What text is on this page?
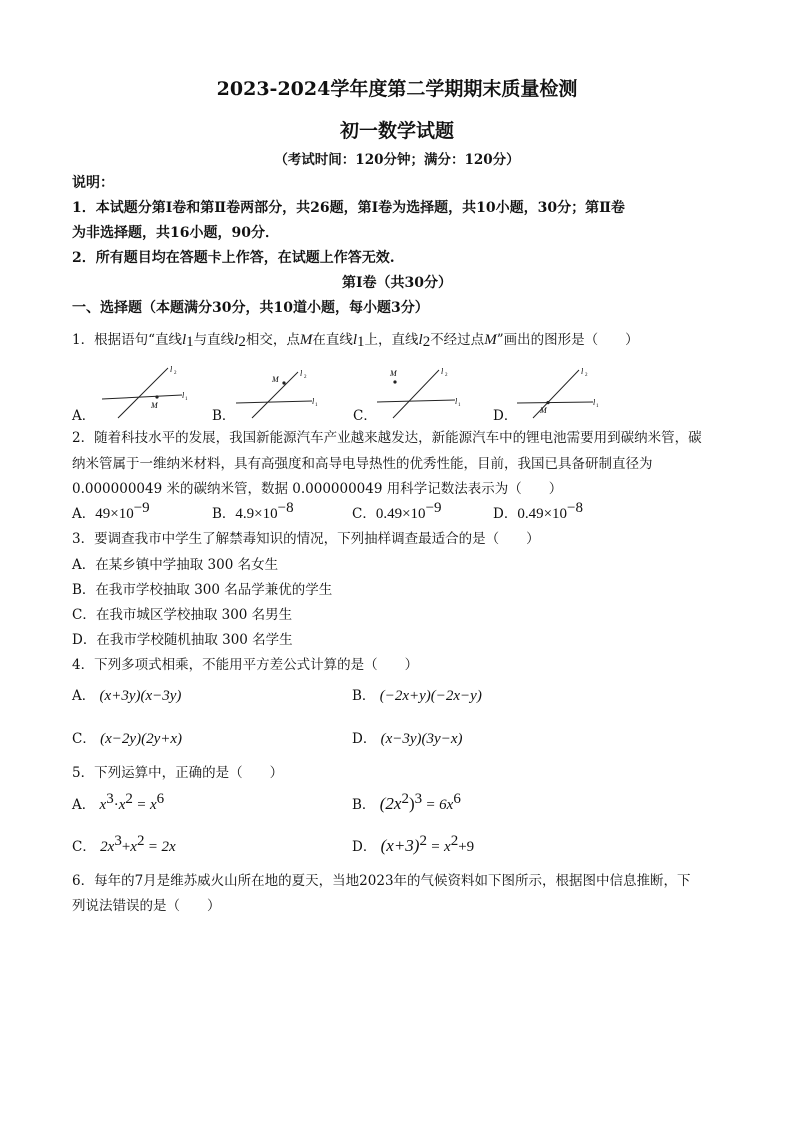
2023-2024学年度第二学期期末质量检测
初一数学试题
（考试时间：120分钟；满分：120分）
说明：
1．本试题分第Ⅰ卷和第Ⅱ卷两部分，共26题，第Ⅰ卷为选择题，共10小题，30分；第Ⅱ卷
为非选择题，共16小题，90分．
2．所有题目均在答题卡上作答，在试题上作答无效.
第Ⅰ卷（共30分）
一、选择题（本题满分30分，共10道小题，每小题3分）
1．根据语句“直线$l_1$与直线$l_2$相交，点M在直线$l_1$上，直线$l_2$不经过点M”画出的图形是（　　）
A．	B．	C．	D．
l 2
l 1
M
l 2
l 1
M
l 2
l 1
M	l 2
l 1
M
2．随着科技水平的发展，我国新能源汽车产业越来越发达，新能源汽车中的锂电池需要用到碳纳米管，碳
纳米管属于一维纳米材料，具有高强度和高导电导热性的优秀性能，目前，我国已具备研制直径为
0.000000049 米的碳纳米管，数据 0.000000049 用科学记数法表示为（　　）
A．$49\times 10^{-9}$	B．$4.9\times 10^{-8}$	C．$0.49\times 10^{-9}$	D．$0.49\times 10^{-8}$
3．要调查我市中学生了解禁毒知识的情况，下列抽样调查最适合的是（　　）
A．在某乡镇中学抽取 300 名女生
B．在我市学校抽取 300 名品学兼优的学生
C．在我市城区学校抽取 300 名男生
D．在我市学校随机抽取 300 名学生
4．下列多项式相乘，不能用平方差公式计算的是（　　）
A． (x+3y)(x−3y)	B． (−2x+y)(−2x−y)
C． (x−2y)(2y+x)	D． (x−3y)(3y−x)
5．下列运算中，正确的是（　　）
A． $x^3\cdot x^2 = x^6$	B． $(2x^2)^3 = 6x^6$
C． $2x^3+x^2 = 2x$	D． $(x+3)^2 = x^2+9$
6．每年的7月是维苏威火山所在地的夏天，当地2023年的气候资料如下图所示，根据图中信息推断，下
列说法错误的是（　　）
